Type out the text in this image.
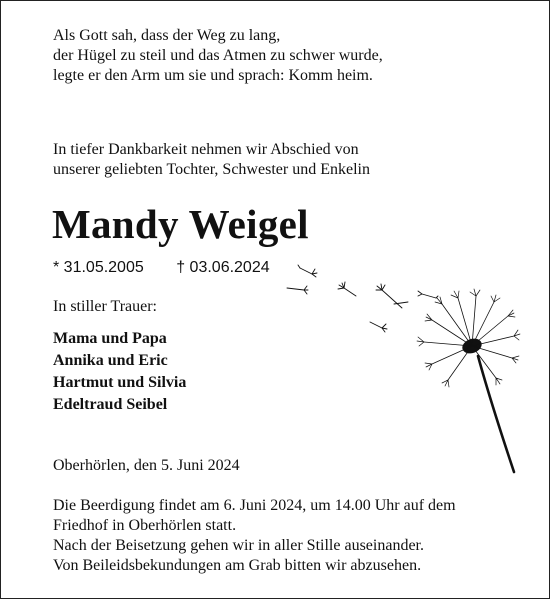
Als Gott sah, dass der Weg zu lang,
der Hügel zu steil und das Atmen zu schwer wurde,
legte er den Arm um sie und sprach: Komm heim.
In tiefer Dankbarkeit nehmen wir Abschied von
unserer geliebten Tochter, Schwester und Enkelin
Mandy Weigel
* 31.05.2005 † 03.06.2024
In stiller Trauer:
Mama und Papa
Annika und Eric
Hartmut und Silvia
Edeltraud Seibel
Oberhörlen, den 5. Juni 2024
Die Beerdigung findet am 6. Juni 2024, um 14.00 Uhr auf dem
Friedhof in Oberhörlen statt.
Nach der Beisetzung gehen wir in aller Stille auseinander.
Von Beileidsbekundungen am Grab bitten wir abzusehen.
